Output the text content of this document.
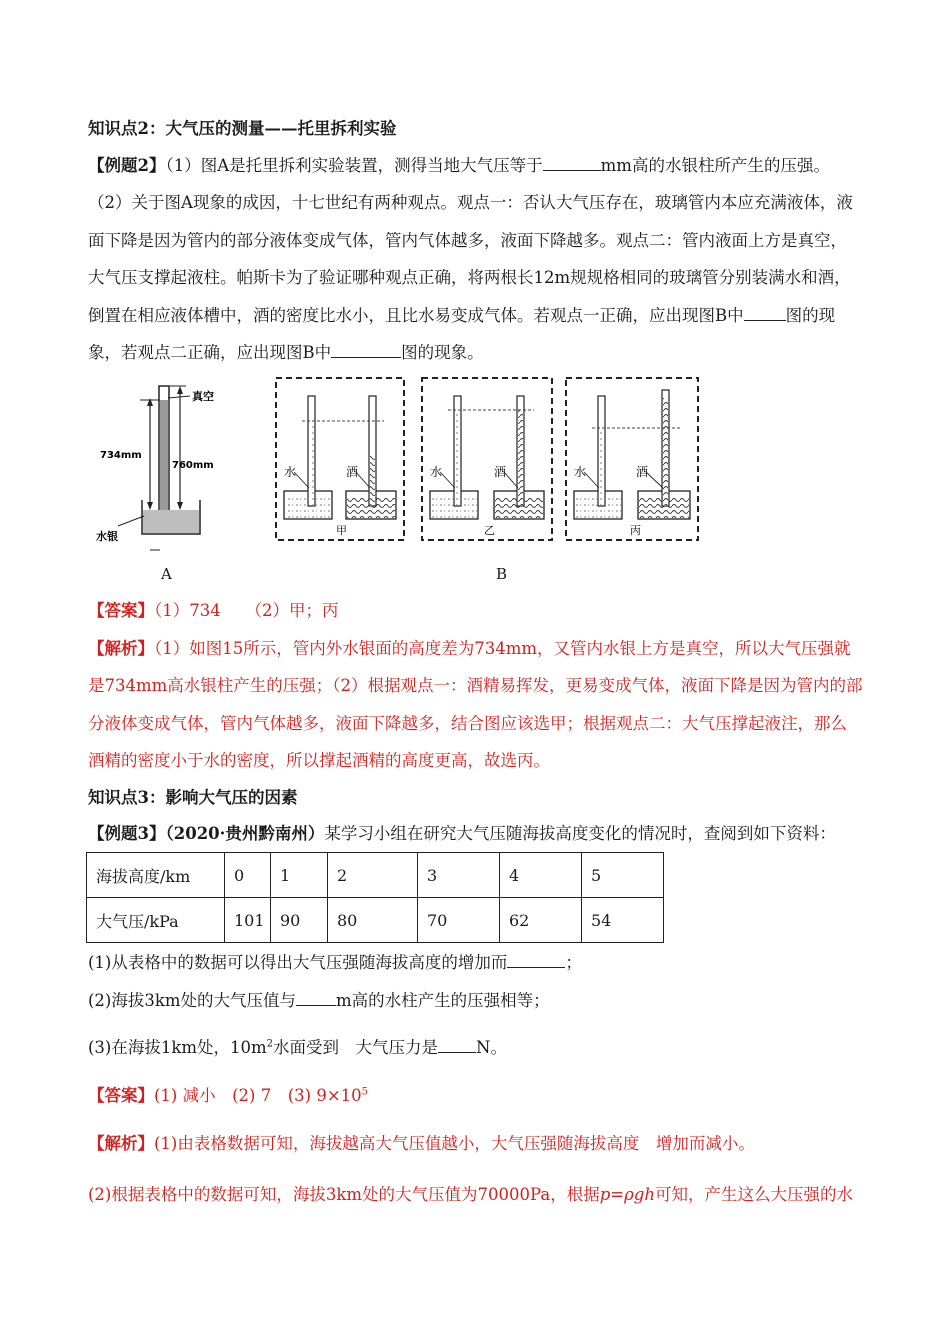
知识点2：大气压的测量——托里拆利实验
【例题2】（1）图A是托里拆利实验装置，测得当地大气压等于	mm高的水银柱所产生的压强。
（2）关于图A现象的成因，十七世纪有两种观点。观点一：否认大气压存在，玻璃管内本应充满液体，液
面下降是因为管内的部分液体变成气体，管内气体越多，液面下降越多。观点二：管内液面上方是真空，
大气压支撑起液柱。帕斯卡为了验证哪种观点正确，将两根长12m规规格相同的玻璃管分别装满水和酒，
倒置在相应液体槽中，酒的密度比水小，且比水易变成气体。若观点一正确，应出现图B中	图的现
象，若观点二正确，应出现图B中	图的现象。
真空
734mm
760mm
水银
A
水	酒
甲
水	酒
乙
水	酒
丙
B
【答案】（1）734　　（2）甲；丙
【解析】（1）如图15所示，管内外水银面的高度差为734mm，又管内水银上方是真空，所以大气压强就
是734mm高水银柱产生的压强；（2）根据观点一：酒精易挥发，更易变成气体，液面下降是因为管内的部
分液体变成气体，管内气体越多，液面下降越多，结合图应该选甲；根据观点二：大气压撑起液注，那么
酒精的密度小于水的密度，所以撑起酒精的高度更高，故选丙。
知识点3：影响大气压的因素
【例题3】（2020·贵州黔南州）某学习小组在研究大气压随海拔高度变化的情况时，查阅到如下资料：
海拔高度/km	0	1	2	3	4	5
大气压/kPa	101	90	80	70	62	54
(1)从表格中的数据可以得出大气压强随海拔高度的增加而	；
(2)海拔3km处的大气压值与 m高的水柱产生的压强相等；
(3)在海拔1km处，$10m^2$水面受到　大气压力是 N。
【答案】(1) 减小　(2) 7　(3) $9\times 10^5$
【解析】(1)由表格数据可知，海拔越高大气压值越小，大气压强随海拔高度　增加而减小。
(2)根据表格中的数据可知，海拔3km处的大气压值为70000Pa，根据p=ρgh可知，产生这么大压强的水
